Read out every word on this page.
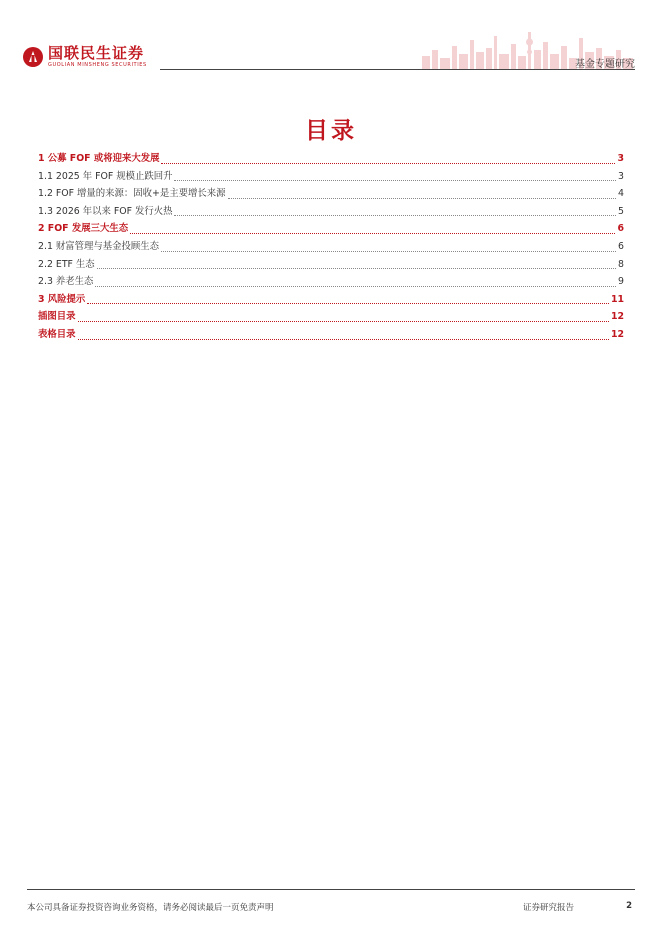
国联民生证券
GUOLIAN MINSHENG SECURITIES	基金专题研究
目录
1 公募 FOF 或将迎来大发展	3
1.1 2025 年 FOF 规模止跌回升	3
1.2 FOF 增量的来源：固收+是主要增长来源	4
1.3 2026 年以来 FOF 发行火热	5
2 FOF 发展三大生态	6
2.1 财富管理与基金投顾生态	6
2.2 ETF 生态	8
2.3 养老生态	9
3 风险提示	11
插图目录	12
表格目录	12
本公司具备证券投资咨询业务资格，请务必阅读最后一页免责声明	证券研究报告	2
